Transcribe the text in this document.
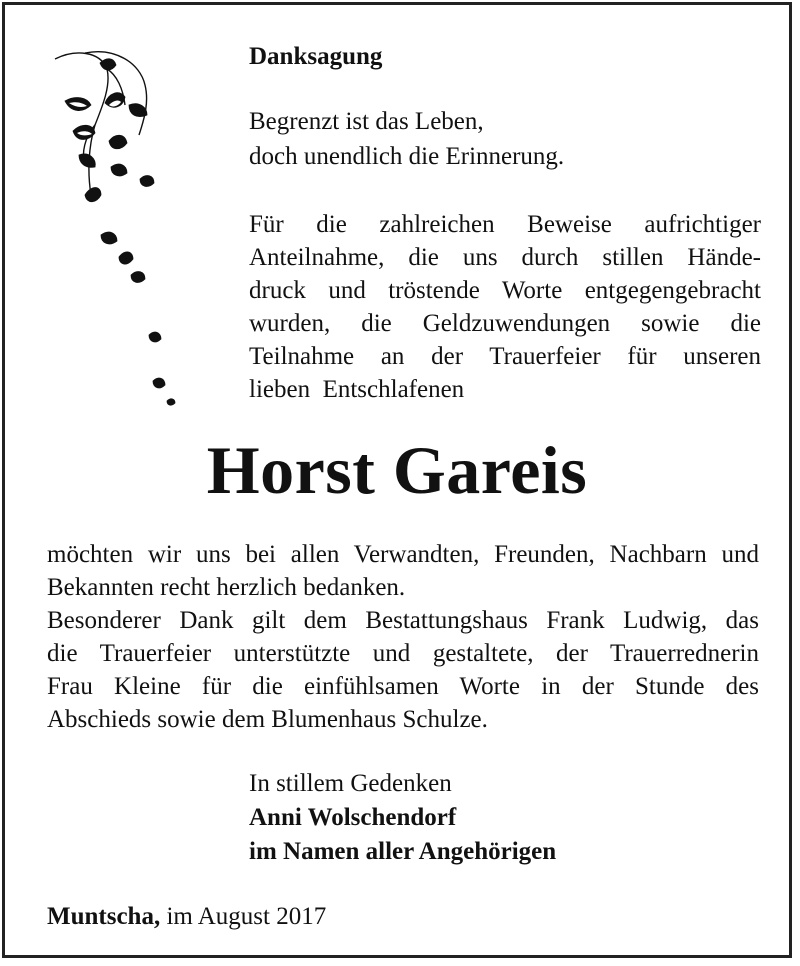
Danksagung
Begrenzt ist das Leben,
doch unendlich die Erinnerung.
Für die zahlreichen Beweise aufrichtiger
Anteilnahme, die uns durch stillen Hände-
druck und tröstende Worte entgegengebracht
wurden, die Geldzuwendungen sowie die
Teilnahme an der Trauerfeier für unseren
lieben  Entschlafenen
Horst Gareis
möchten wir uns bei allen Verwandten, Freunden, Nachbarn und
Bekannten recht herzlich bedanken.
Besonderer Dank gilt dem Bestattungshaus Frank Ludwig, das
die Trauerfeier unterstützte und gestaltete, der Trauerrednerin
Frau Kleine für die einfühlsamen Worte in der Stunde des
Abschieds sowie dem Blumenhaus Schulze.
In stillem Gedenken
Anni Wolschendorf
im Namen aller Angehörigen
Muntscha, im August 2017
